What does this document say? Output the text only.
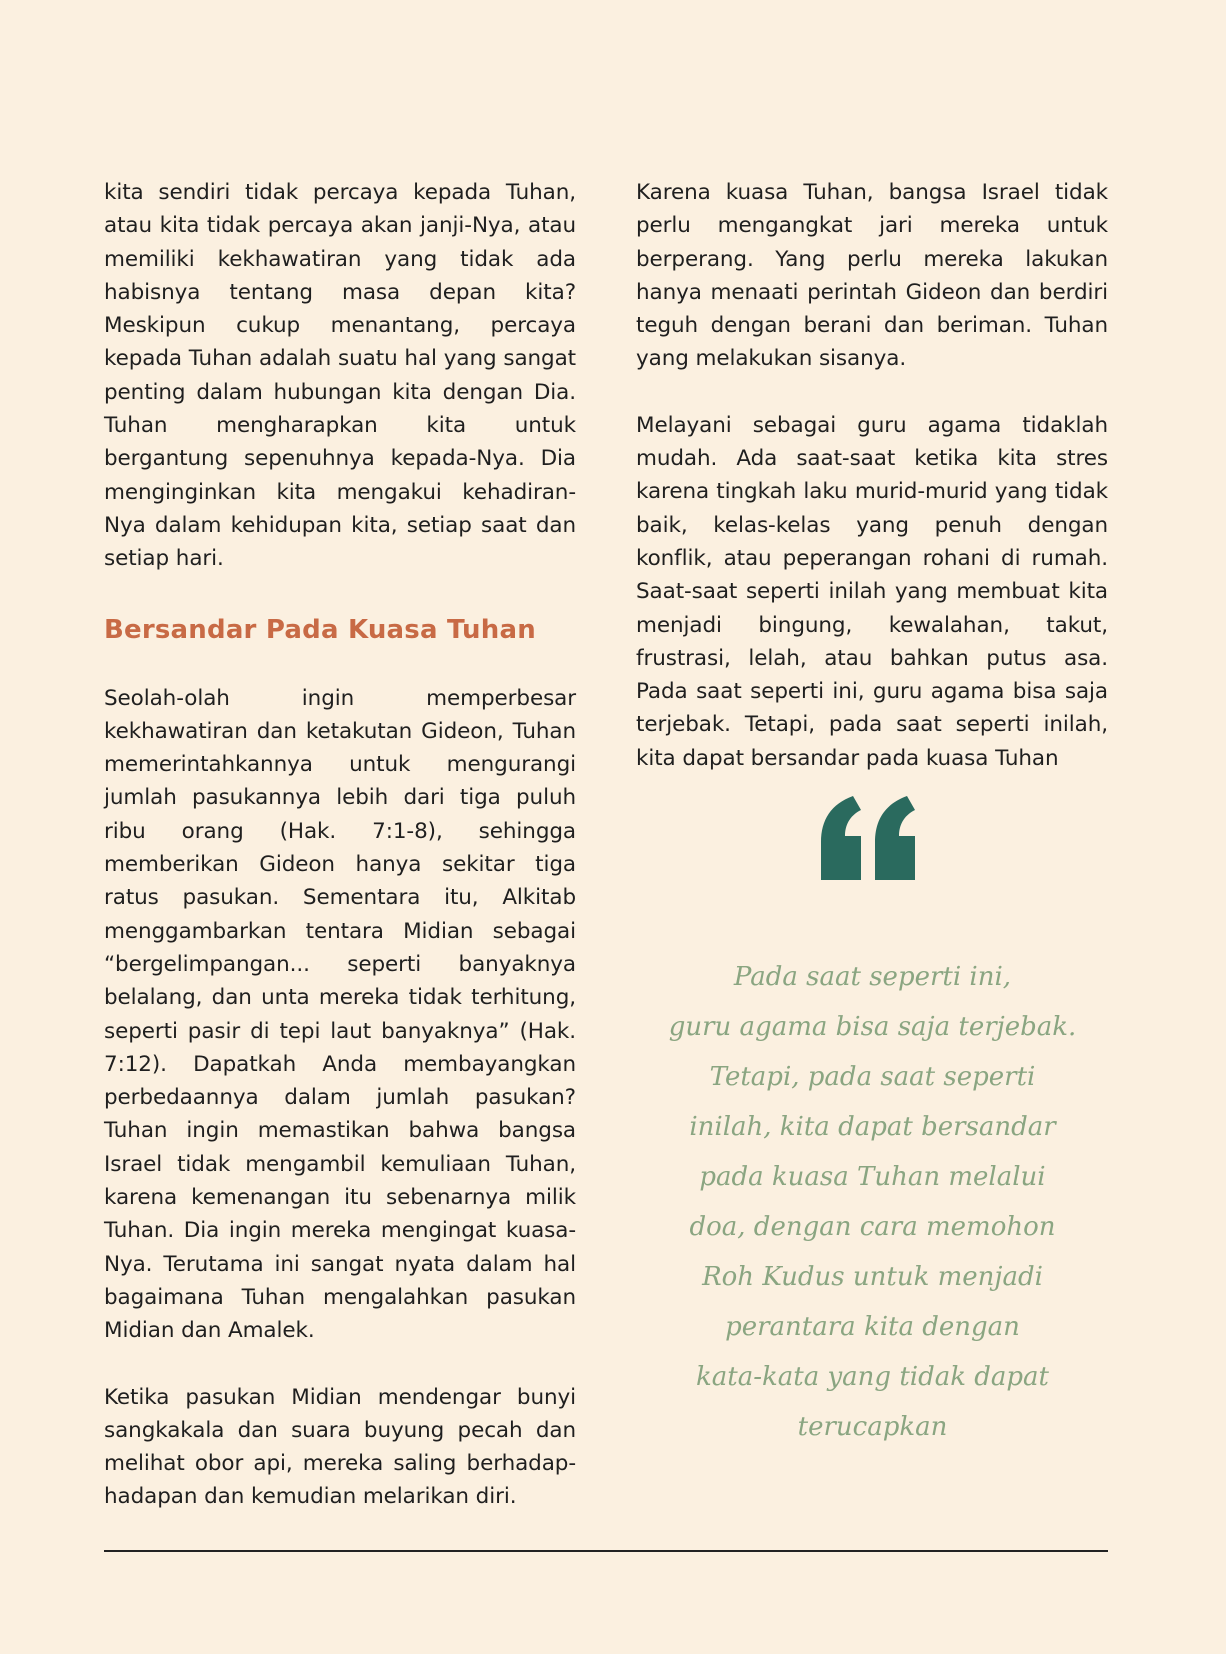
kita sendiri tidak percaya kepada Tuhan, atau kita tidak percaya akan janji-Nya, atau memiliki kekhawatiran yang tidak ada habisnya tentang masa depan kita? Meskipun cukup menantang, percaya kepada Tuhan adalah suatu hal yang sangat penting dalam hubungan kita dengan Dia. Tuhan mengharapkan kita untuk bergantung sepenuhnya kepada-Nya. Dia menginginkan kita mengakui kehadiran-Nya dalam kehidupan kita, setiap saat dan setiap hari.

Bersandar Pada Kuasa Tuhan

Seolah-olah ingin memperbesar kekhawatiran dan ketakutan Gideon, Tuhan memerintahkannya untuk mengurangi jumlah pasukannya lebih dari tiga puluh ribu orang (Hak. 7:1-8), sehingga memberikan Gideon hanya sekitar tiga ratus pasukan. Sementara itu, Alkitab menggambarkan tentara Midian sebagai “bergelimpangan... seperti banyaknya belalang, dan unta mereka tidak terhitung, seperti pasir di tepi laut banyaknya” (Hak. 7:12). Dapatkah Anda membayangkan perbedaannya dalam jumlah pasukan? Tuhan ingin memastikan bahwa bangsa Israel tidak mengambil kemuliaan Tuhan, karena kemenangan itu sebenarnya milik Tuhan. Dia ingin mereka mengingat kuasa-Nya. Terutama ini sangat nyata dalam hal bagaimana Tuhan mengalahkan pasukan Midian dan Amalek.

Ketika pasukan Midian mendengar bunyi sangkakala dan suara buyung pecah dan melihat obor api, mereka saling berhadap-hadapan dan kemudian melarikan diri.

Karena kuasa Tuhan, bangsa Israel tidak perlu mengangkat jari mereka untuk berperang. Yang perlu mereka lakukan hanya menaati perintah Gideon dan berdiri teguh dengan berani dan beriman. Tuhan yang melakukan sisanya.

Melayani sebagai guru agama tidaklah mudah. Ada saat-saat ketika kita stres karena tingkah laku murid-murid yang tidak baik, kelas-kelas yang penuh dengan konflik, atau peperangan rohani di rumah. Saat-saat seperti inilah yang membuat kita menjadi bingung, kewalahan, takut, frustrasi, lelah, atau bahkan putus asa. Pada saat seperti ini, guru agama bisa saja terjebak. Tetapi, pada saat seperti inilah, kita dapat bersandar pada kuasa Tuhan

Pada saat seperti ini,
guru agama bisa saja terjebak.
Tetapi, pada saat seperti
inilah, kita dapat bersandar
pada kuasa Tuhan melalui
doa, dengan cara memohon
Roh Kudus untuk menjadi
perantara kita dengan
kata-kata yang tidak dapat
terucapkan
